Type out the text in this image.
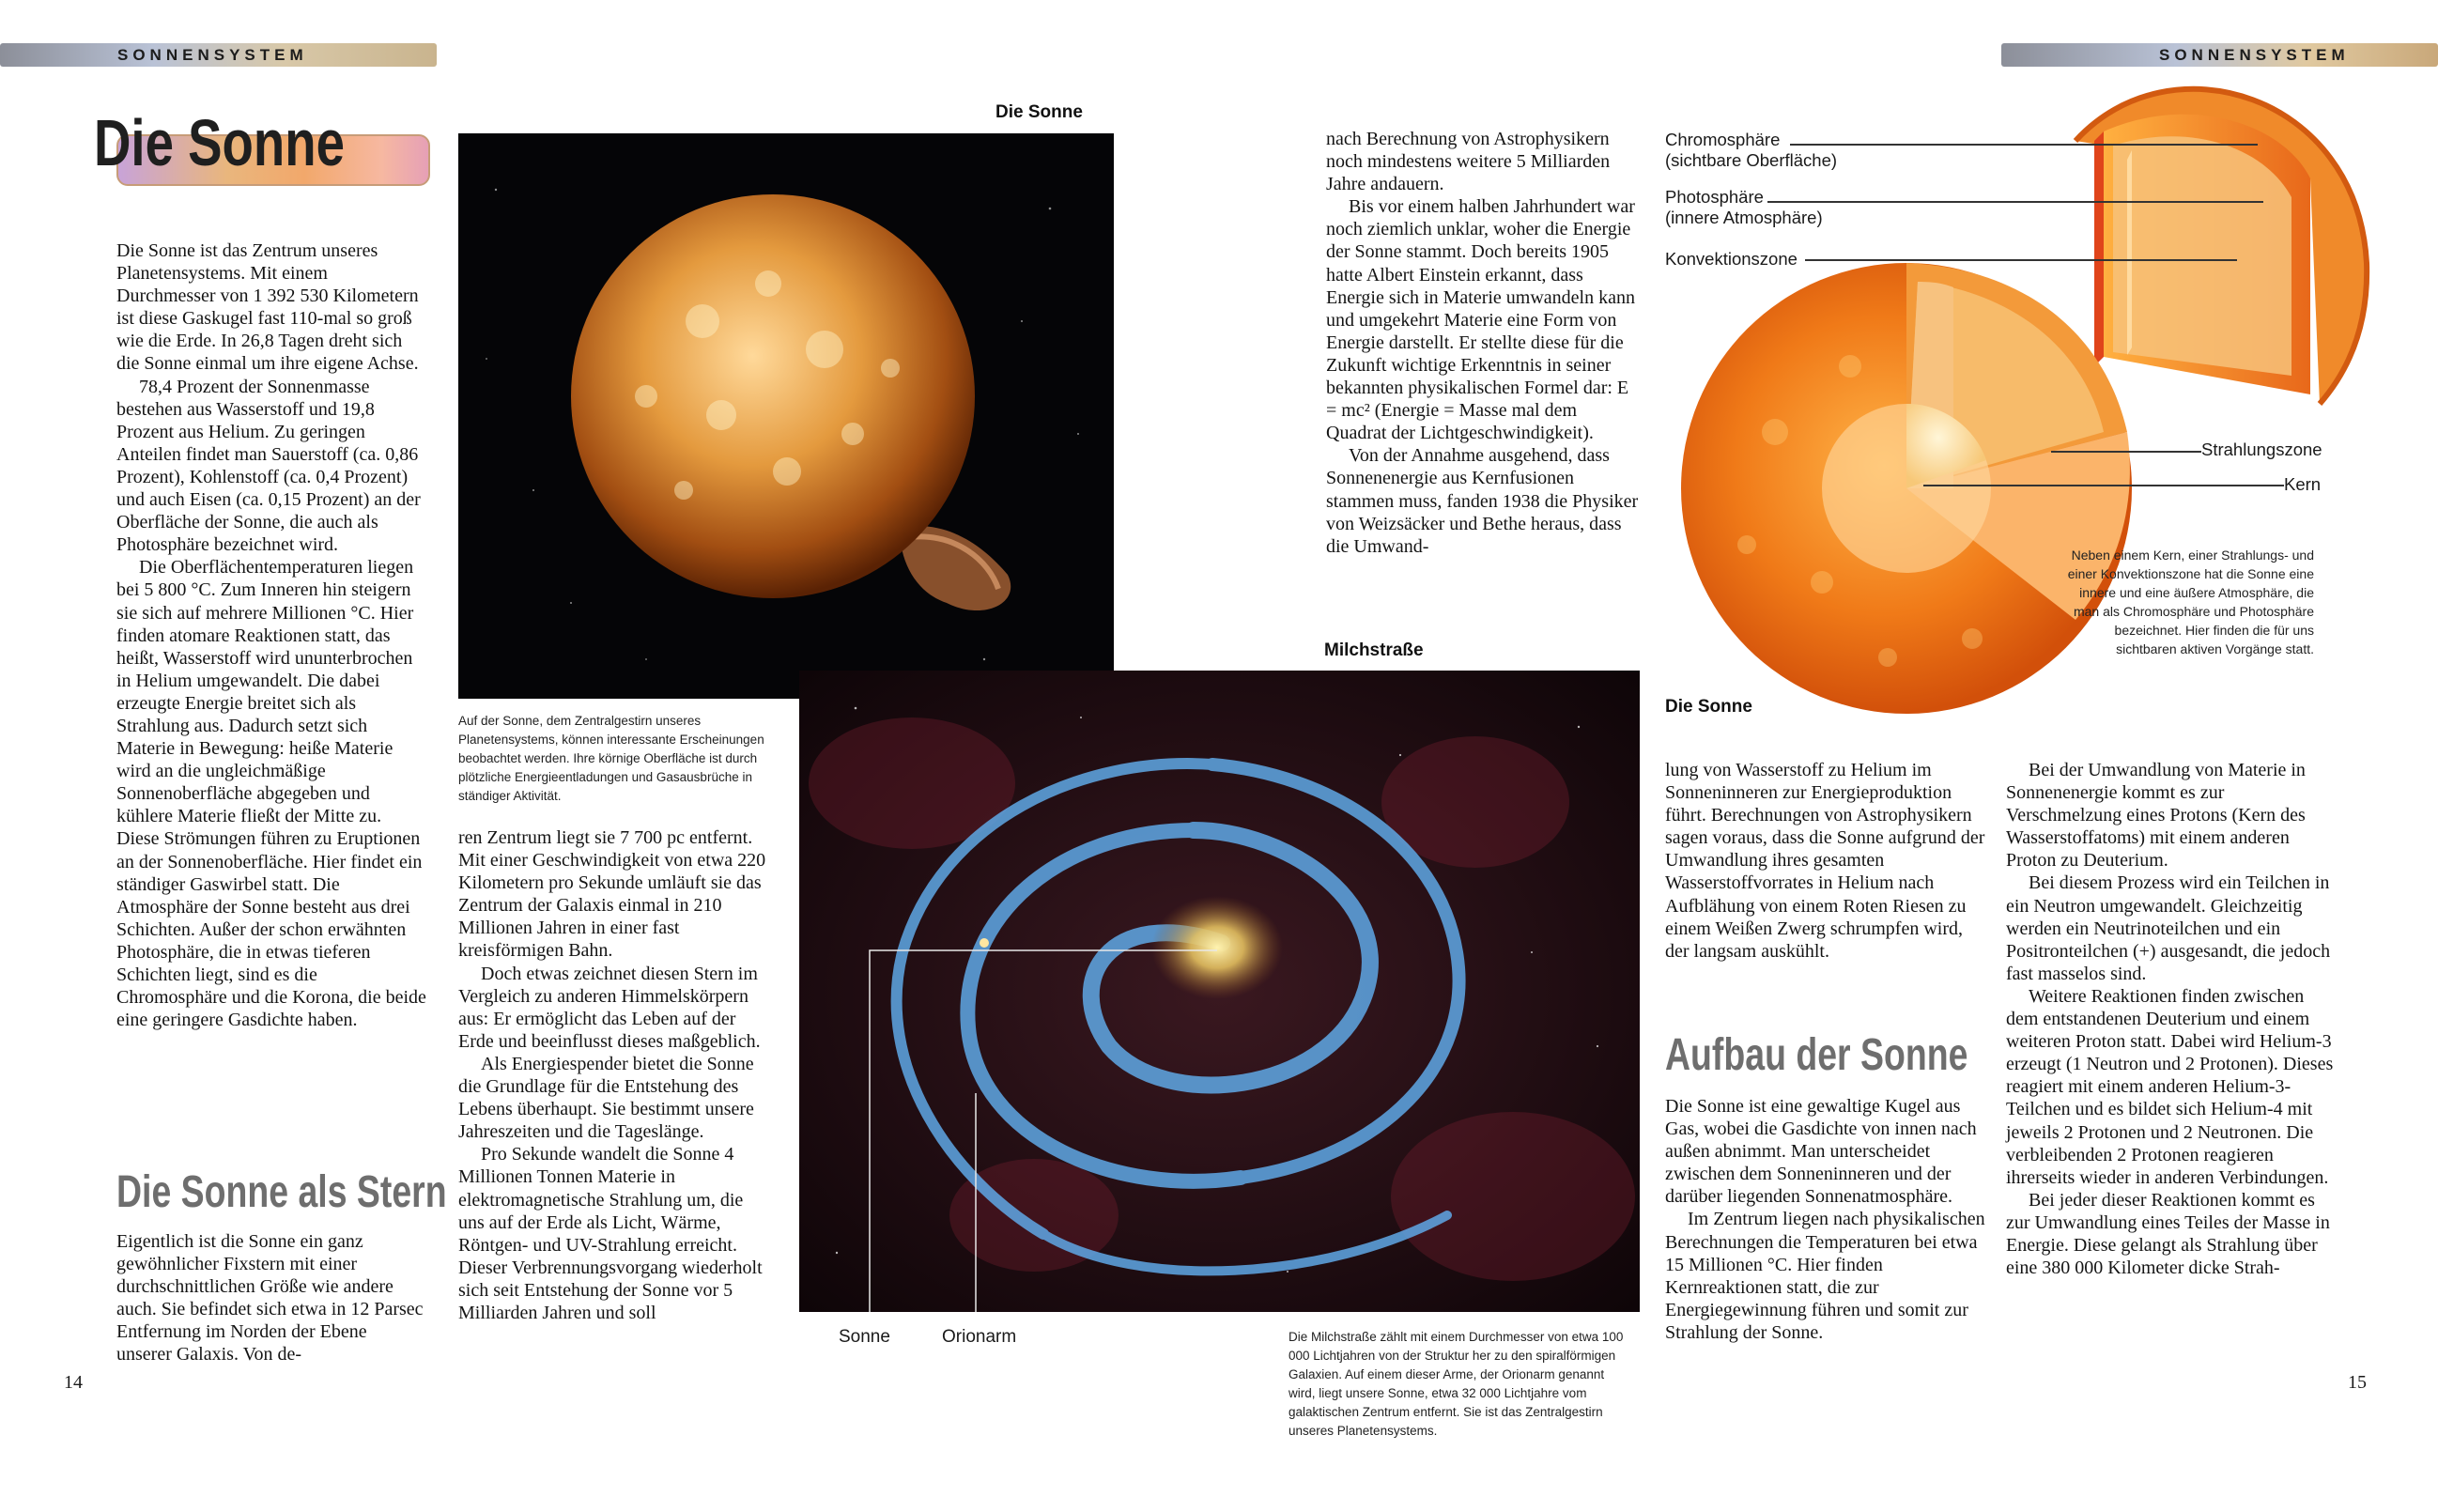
SONNENSYSTEM
Die Sonne

Die Sonne ist das Zentrum unseres Planetensystems. Mit einem Durchmesser von 1 392 530 Kilometern ist diese Gaskugel fast 110-mal so groß wie die Erde. In 26,8 Tagen dreht sich die Sonne einmal um ihre eigene Achse.

78,4 Prozent der Sonnenmasse bestehen aus Wasserstoff und 19,8 Prozent aus Helium. Zu geringen Anteilen findet man Sauerstoff (ca. 0,86 Prozent), Kohlenstoff (ca. 0,4 Prozent) und auch Eisen (ca. 0,15 Prozent) an der Oberfläche der Sonne, die auch als Photosphäre bezeichnet wird.

Die Oberflächentemperaturen liegen bei 5 800 °C. Zum Inneren hin steigern sie sich auf mehrere Millionen °C. Hier finden atomare Reaktionen statt, das heißt, Wasserstoff wird ununterbrochen in Helium umgewandelt. Die dabei erzeugte Energie breitet sich als Strahlung aus. Dadurch setzt sich Materie in Bewegung: heiße Materie wird an die ungleichmäßige Sonnenoberfläche abgegeben und kühlere Materie fließt der Mitte zu. Diese Strömungen führen zu Eruptionen an der Sonnenoberfläche. Hier findet ein ständiger Gaswirbel statt. Die Atmosphäre der Sonne besteht aus drei Schichten. Außer der schon erwähnten Photosphäre, die in etwas tieferen Schichten liegt, sind es die Chromosphäre und die Korona, die beide eine geringere Gasdichte haben.

Die Sonne als Stern

Eigentlich ist die Sonne ein ganz gewöhnlicher Fixstern mit einer durchschnittlichen Größe wie andere auch. Sie befindet sich etwa in 12 Parsec Entfernung im Norden der Ebene unserer Galaxis. Von de-

Die Sonne
Auf der Sonne, dem Zentralgestirn unseres Planetensystems, können interessante Erscheinungen beobachtet werden. Ihre körnige Oberfläche ist durch plötzliche Energieentladungen und Gasausbrüche in ständiger Aktivität.

ren Zentrum liegt sie 7 700 pc entfernt. Mit einer Geschwindigkeit von etwa 220 Kilometern pro Sekunde umläuft sie das Zentrum der Galaxis einmal in 210 Millionen Jahren in einer fast kreisförmigen Bahn.

Doch etwas zeichnet diesen Stern im Vergleich zu anderen Himmelskörpern aus: Er ermöglicht das Leben auf der Erde und beeinflusst dieses maßgeblich.

Als Energiespender bietet die Sonne die Grundlage für die Entstehung des Lebens überhaupt. Sie bestimmt unsere Jahreszeiten und die Tageslänge.

Pro Sekunde wandelt die Sonne 4 Millionen Tonnen Materie in elektromagnetische Strahlung um, die uns auf der Erde als Licht, Wärme, Röntgen- und UV-Strahlung erreicht. Dieser Verbrennungsvorgang wiederholt sich seit Entstehung der Sonne vor 5 Milliarden Jahren und soll

Milchstraße
Sonne	Orionarm	Die Milchstraße zählt mit einem Durchmesser von etwa 100 000 Lichtjahren von der Struktur her zu den spiralförmigen Galaxien. Auf einem dieser Arme, der Orionarm genannt wird, liegt unsere Sonne, etwa 32 000 Lichtjahre vom galaktischen Zentrum entfernt. Sie ist das Zentralgestirn unseres Planetensystems.
14
SONNENSYSTEM

nach Berechnung von Astrophysikern noch mindestens weitere 5 Milliarden Jahre andauern.

Bis vor einem halben Jahrhundert war noch ziemlich unklar, woher die Energie der Sonne stammt. Doch bereits 1905 hatte Albert Einstein erkannt, dass Energie sich in Materie umwandeln kann und umgekehrt Materie eine Form von Energie darstellt. Er stellte diese für die Zukunft wichtige Erkenntnis in seiner bekannten physikalischen Formel dar: E = mc² (Energie = Masse mal dem Quadrat der Lichtgeschwindigkeit).

Von der Annahme ausgehend, dass Sonnenenergie aus Kernfusionen stammen muss, fanden 1938 die Physiker von Weizsäcker und Bethe heraus, dass die Umwand-

Chromosphäre
(sichtbare Oberfläche)
Photosphäre
(innere Atmosphäre)
Konvektionszone
Strahlungszone
Kern
Neben einem Kern, einer Strahlungs- und einer Konvektionszone hat die Sonne eine innere und eine äußere Atmosphäre, die man als Chromosphäre und Photosphäre bezeichnet. Hier finden die für uns sichtbaren aktiven Vorgänge statt.
Die Sonne

lung von Wasserstoff zu Helium im Sonneninneren zur Energieproduktion führt. Berechnungen von Astrophysikern sagen voraus, dass die Sonne aufgrund der Umwandlung ihres gesamten Wasserstoffvorrates in Helium nach Aufblähung von einem Roten Riesen zu einem Weißen Zwerg schrumpfen wird, der langsam auskühlt.

Aufbau der Sonne

Die Sonne ist eine gewaltige Kugel aus Gas, wobei die Gasdichte von innen nach außen abnimmt. Man unterscheidet zwischen dem Sonneninneren und der darüber liegenden Sonnenatmosphäre.

Im Zentrum liegen nach physikalischen Berechnungen die Temperaturen bei etwa 15 Millionen °C. Hier finden Kernreaktionen statt, die zur Energiegewinnung führen und somit zur Strahlung der Sonne.

Bei der Umwandlung von Materie in Sonnenenergie kommt es zur Verschmelzung eines Protons (Kern des Wasserstoffatoms) mit einem anderen Proton zu Deuterium.

Bei diesem Prozess wird ein Teilchen in ein Neutron umgewandelt. Gleichzeitig werden ein Neutrinoteilchen und ein Positronteilchen (+) ausgesandt, die jedoch fast masselos sind.

Weitere Reaktionen finden zwischen dem entstandenen Deuterium und einem weiteren Proton statt. Dabei wird Helium-3 erzeugt (1 Neutron und 2 Protonen). Dieses reagiert mit einem anderen Helium-3-Teilchen und es bildet sich Helium-4 mit jeweils 2 Protonen und 2 Neutronen. Die verbleibenden 2 Protonen reagieren ihrerseits wieder in anderen Verbindungen.

Bei jeder dieser Reaktionen kommt es zur Umwandlung eines Teiles der Masse in Energie. Diese gelangt als Strahlung über eine 380 000 Kilometer dicke Strah-

15
